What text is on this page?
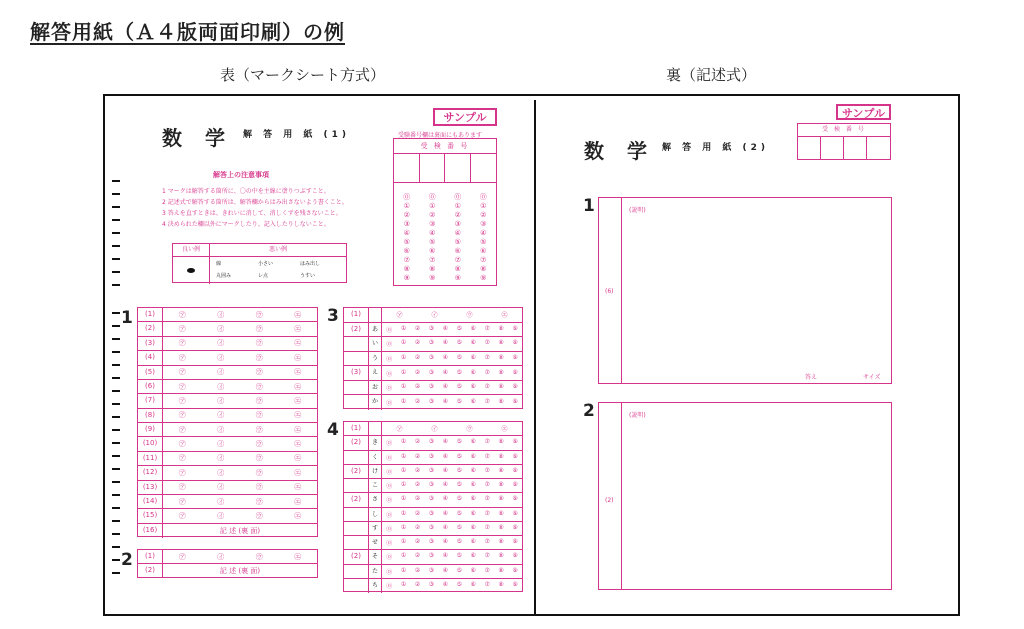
解答用紙（Ａ４版両面印刷）の例
表（マークシート方式）	裏（記述式）
数 学 解 答 用 紙 (1)
サンプル
受験番号欄は裏面にもあります
受 検 番 号
⓪	⓪	⓪	⓪
①	①	①	①
②	②	②	②
③	③	③	③
④	④	④	④
⑤	⑤	⑤	⑤
⑥	⑥	⑥	⑥
⑦	⑦	⑦	⑦
⑧	⑧	⑧	⑧
⑨	⑨	⑨	⑨
解答上の注意事項
1 マークは解答する箇所に、〇の中を主線に塗りつぶすこと。
2 記述式で解答する箇所は、解答欄からはみ出さないよう書くこと。
3 答えを直すときは、きれいに消して、消しくずを残さないこと。
4 決められた欄以外にマークしたり、記入したりしないこと。
良い例	悪い例
線	小さい	はみ出し
丸囲み	レ点	うすい
1	(1)	㋐	㋑	㋒	㋓
(2)	㋐	㋑	㋒	㋓
(3)	㋐	㋑	㋒	㋓
(4)	㋐	㋑	㋒	㋓
(5)	㋐	㋑	㋒	㋓
(6)	㋐	㋑	㋒	㋓
(7)	㋐	㋑	㋒	㋓
(8)	㋐	㋑	㋒	㋓
(9)	㋐	㋑	㋒	㋓
(10)	㋐	㋑	㋒	㋓
(11)	㋐	㋑	㋒	㋓
(12)	㋐	㋑	㋒	㋓
(13)	㋐	㋑	㋒	㋓
(14)	㋐	㋑	㋒	㋓
(15)	㋐	㋑	㋒	㋓
(16)	記 述 (裏 面)
2	(1)	㋐	㋑	㋒	㋓
(2)	記 述 (裏 面)
3	(1)	㋐	㋑	㋒	㋓
(2)	あ	⓪ ① ② ③ ④ ⑤ ⑥ ⑦ ⑧ ⑨
い	⓪ ① ② ③ ④ ⑤ ⑥ ⑦ ⑧ ⑨
う	⓪ ① ② ③ ④ ⑤ ⑥ ⑦ ⑧ ⑨
(3)	え	⓪ ① ② ③ ④ ⑤ ⑥ ⑦ ⑧ ⑨
お	⓪ ① ② ③ ④ ⑤ ⑥ ⑦ ⑧ ⑨
か	⓪ ① ② ③ ④ ⑤ ⑥ ⑦ ⑧ ⑨
4	(1)	㋐	㋑	㋒	㋓
(2)	き	⓪ ① ② ③ ④ ⑤ ⑥ ⑦ ⑧ ⑨
く	⓪ ① ② ③ ④ ⑤ ⑥ ⑦ ⑧ ⑨
(2)	け	⓪ ① ② ③ ④ ⑤ ⑥ ⑦ ⑧ ⑨
こ	⓪ ① ② ③ ④ ⑤ ⑥ ⑦ ⑧ ⑨
(2)	さ	⓪ ① ② ③ ④ ⑤ ⑥ ⑦ ⑧ ⑨
し	⓪ ① ② ③ ④ ⑤ ⑥ ⑦ ⑧ ⑨
す	⓪ ① ② ③ ④ ⑤ ⑥ ⑦ ⑧ ⑨
せ	⓪ ① ② ③ ④ ⑤ ⑥ ⑦ ⑧ ⑨
(2)	そ	⓪ ① ② ③ ④ ⑤ ⑥ ⑦ ⑧ ⑨
た	⓪ ① ② ③ ④ ⑤ ⑥ ⑦ ⑧ ⑨
ち	⓪ ① ② ③ ④ ⑤ ⑥ ⑦ ⑧ ⑨
サンプル
数 学 解 答 用 紙 (2)
受 検 番 号
1
(6)
(説明)
答え	サイズ
2
(2)
(説明)
